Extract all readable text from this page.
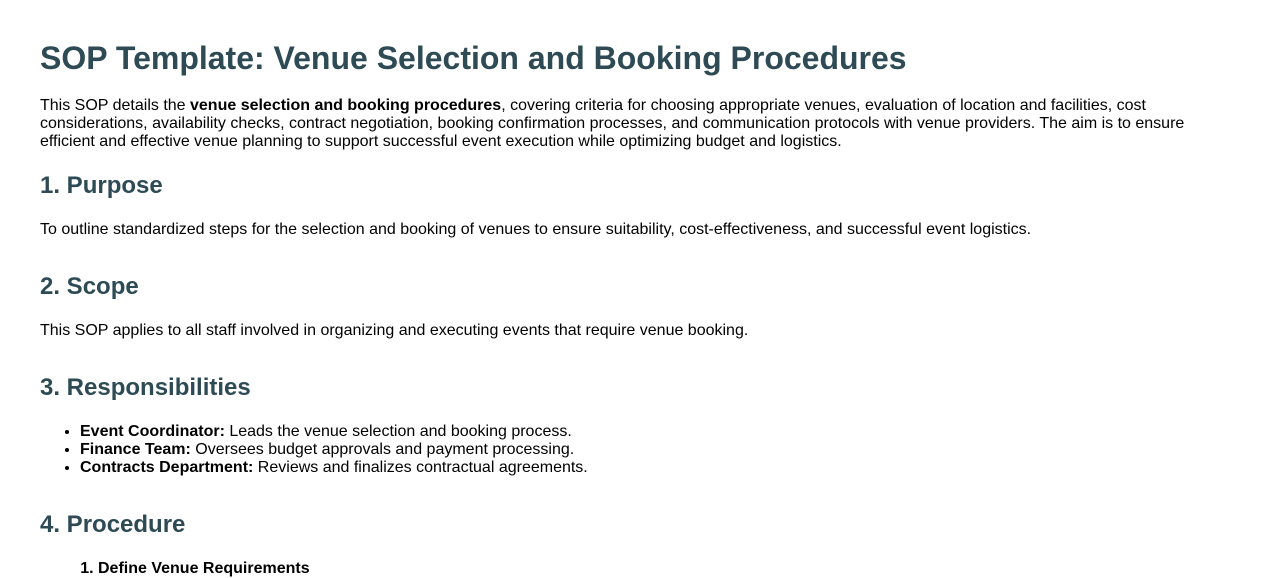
SOP Template: Venue Selection and Booking Procedures

This SOP details the venue selection and booking procedures, covering criteria for choosing appropriate venues, evaluation of location and facilities, cost considerations, availability checks, contract negotiation, booking confirmation processes, and communication protocols with venue providers. The aim is to ensure efficient and effective venue planning to support successful event execution while optimizing budget and logistics.

1. Purpose

To outline standardized steps for the selection and booking of venues to ensure suitability, cost-effectiveness, and successful event logistics.

2. Scope

This SOP applies to all staff involved in organizing and executing events that require venue booking.

3. Responsibilities
• Event Coordinator: Leads the venue selection and booking process.
• Finance Team: Oversees budget approvals and payment processing.
• Contracts Department: Reviews and finalizes contractual agreements.
4. Procedure
1. Define Venue Requirements
